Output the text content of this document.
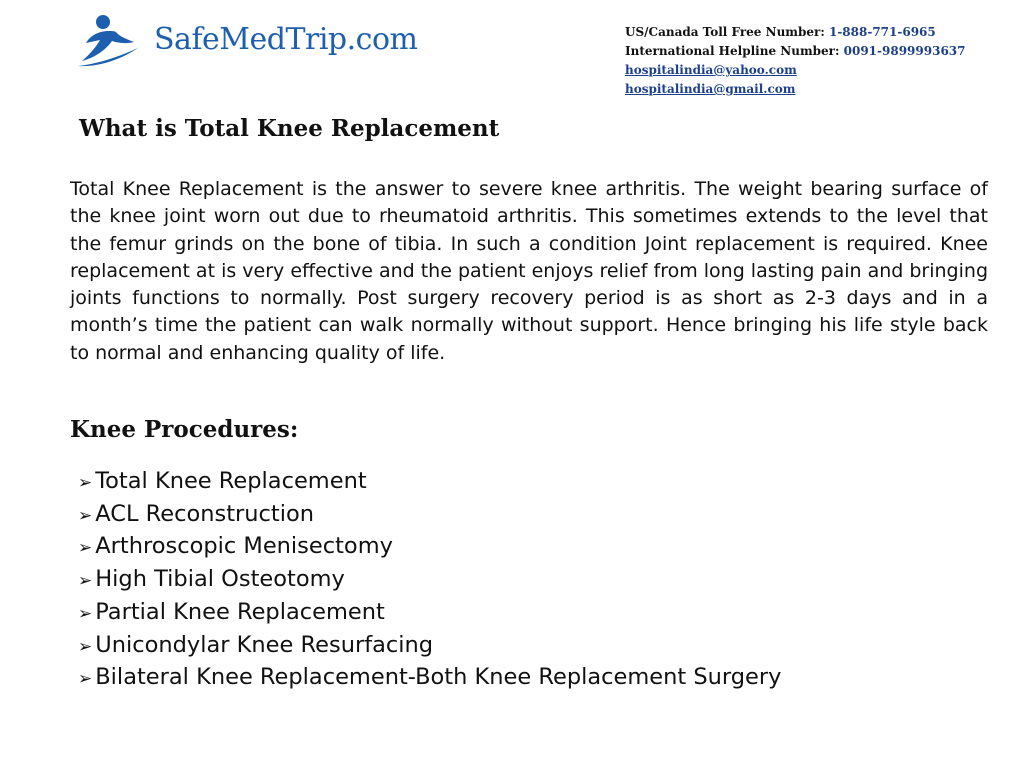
SafeMedTrip.com	US/Canada Toll Free Number: 1-888-771-6965
International Helpline Number: 0091-9899993637
hospitalindia@yahoo.com
hospitalindia@gmail.com
What is Total Knee Replacement

Total Knee Replacement is the answer to severe knee arthritis. The weight bearing surface of the knee joint worn out due to rheumatoid arthritis. This sometimes extends to the level that the femur grinds on the bone of tibia. In such a condition Joint replacement is required. Knee replacement at is very effective and the patient enjoys relief from long lasting pain and bringing joints functions to normally. Post surgery recovery period is as short as 2-3 days and in a month’s time the patient can walk normally without support. Hence bringing his life style back to normal and enhancing quality of life.

Knee Procedures:
➢ Total Knee Replacement
➢ ACL Reconstruction
➢ Arthroscopic Menisectomy
➢ High Tibial Osteotomy
➢ Partial Knee Replacement
➢ Unicondylar Knee Resurfacing
➢ Bilateral Knee Replacement-Both Knee Replacement Surgery
